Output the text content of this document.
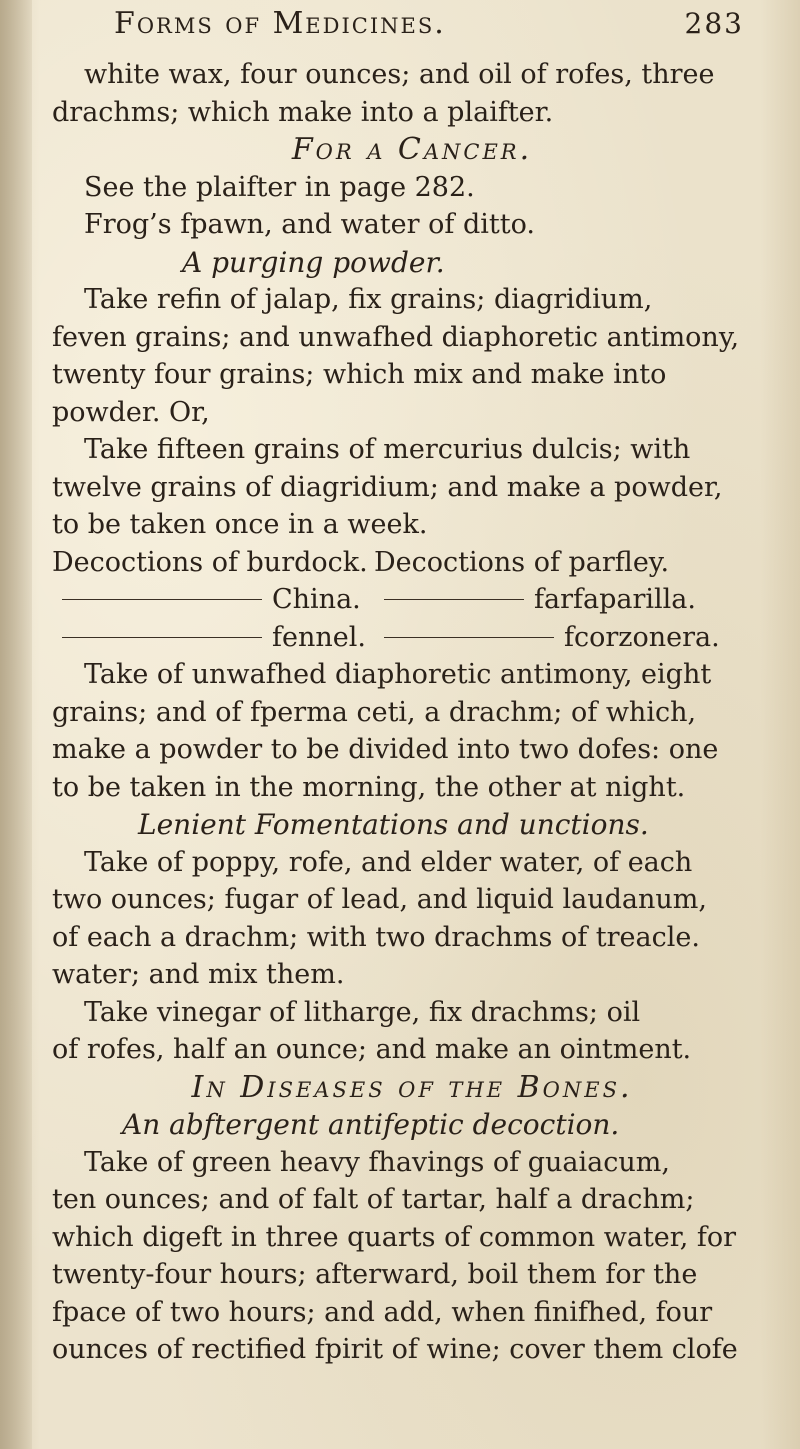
Forms of Medicines.	283
white wax, four ounces; and oil of rofes, three
drachms; which make into a plaifter.
For a Cancer.
See the plaifter in page 282.
Frog’s fpawn, and water of ditto.
A purging powder.
Take refin of jalap, fix grains; diagridium,
feven grains; and unwafhed diaphoretic antimony,
twenty four grains; which mix and make into
powder. Or,
Take fifteen grains of mercurius dulcis; with
twelve grains of diagridium; and make a powder,
to be taken once in a week.
Decoctions of burdock. Decoctions of parfley.
China.	farfaparilla.
fennel.	fcorzonera.
Take of unwafhed diaphoretic antimony, eight
grains; and of fperma ceti, a drachm; of which,
make a powder to be divided into two dofes: one
to be taken in the morning, the other at night.
Lenient Fomentations and unctions.
Take of poppy, rofe, and elder water, of each
two ounces; fugar of lead, and liquid laudanum,
of each a drachm; with two drachms of treacle.
water; and mix them.
Take vinegar of litharge, fix drachms; oil
of rofes, half an ounce; and make an ointment.
In Diseases of the Bones.
An abftergent antifeptic decoction.
Take of green heavy fhavings of guaiacum,
ten ounces; and of falt of tartar, half a drachm;
which digeft in three quarts of common water, for
twenty-four hours; afterward, boil them for the
fpace of two hours; and add, when finifhed, four
ounces of rectified fpirit of wine; cover them clofe
